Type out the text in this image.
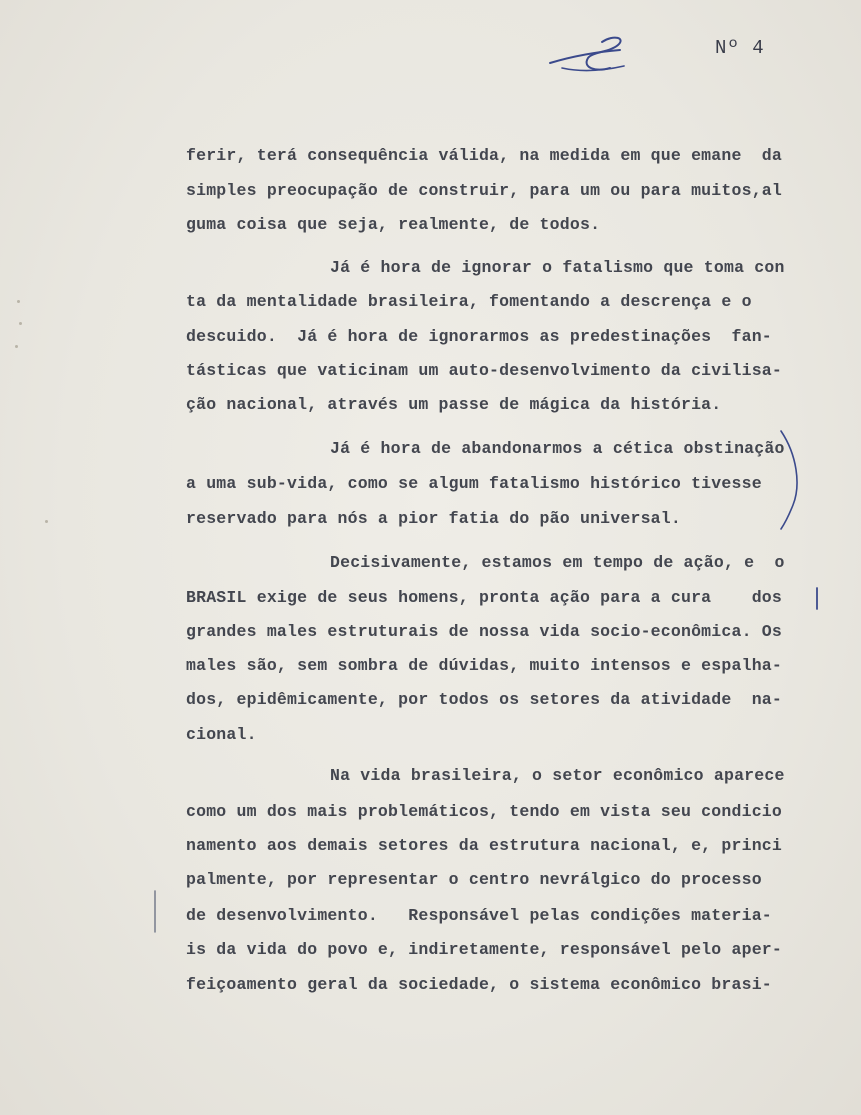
Nº 4
ferir, terá consequência válida, na medida em que emane  da
simples preocupação de construir, para um ou para muitos,al
guma coisa que seja, realmente, de todos.
Já é hora de ignorar o fatalismo que toma con
ta da mentalidade brasileira, fomentando a descrença e o
descuido.  Já é hora de ignorarmos as predestinações  fan-
tásticas que vaticinam um auto-desenvolvimento da civilisa-
ção nacional, através um passe de mágica da história.
Já é hora de abandonarmos a cética obstinação
a uma sub-vida, como se algum fatalismo histórico tivesse
reservado para nós a pior fatia do pão universal.
Decisivamente, estamos em tempo de ação, e  o
BRASIL exige de seus homens, pronta ação para a cura    dos
grandes males estruturais de nossa vida socio-econômica. Os
males são, sem sombra de dúvidas, muito intensos e espalha-
dos, epidêmicamente, por todos os setores da atividade  na-
cional.
Na vida brasileira, o setor econômico aparece
como um dos mais problemáticos, tendo em vista seu condicio
namento aos demais setores da estrutura nacional, e, princi
palmente, por representar o centro nevrálgico do processo
de desenvolvimento.   Responsável pelas condições materia-
is da vida do povo e, indiretamente, responsável pelo aper-
feiçoamento geral da sociedade, o sistema econômico brasi-
